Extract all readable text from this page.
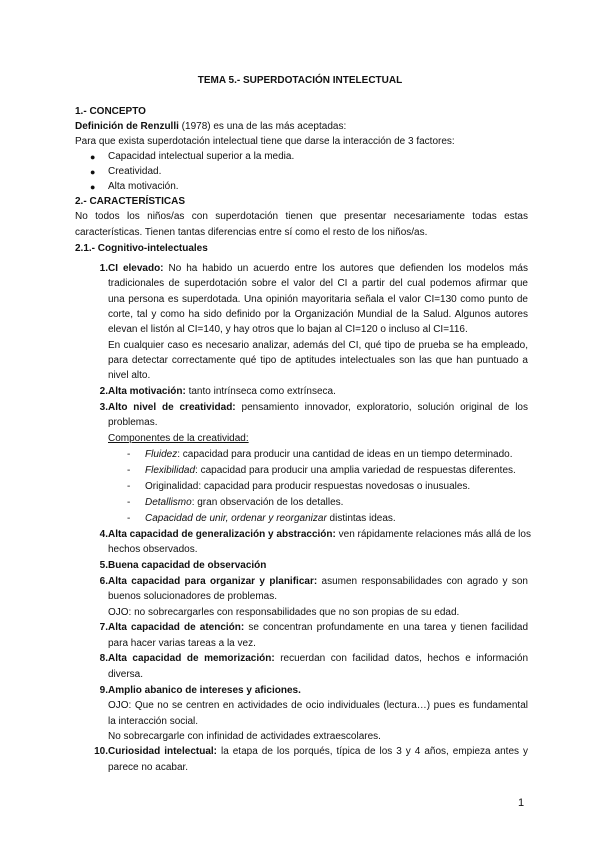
TEMA 5.- SUPERDOTACIÓN INTELECTUAL
1.- CONCEPTO
Definición de Renzulli (1978) es una de las más aceptadas:
Para que exista superdotación intelectual tiene que darse la interacción de 3 factores:
● Capacidad intelectual superior a la media.
● Creatividad.
● Alta motivación.
2.- CARACTERÍSTICAS
No todos los niños/as con superdotación tienen que presentar necesariamente todas estas
características. Tienen tantas diferencias entre sí como el resto de los niños/as.
2.1.- Cognitivo-intelectuales
1. CI elevado: No ha habido un acuerdo entre los autores que defienden los modelos más
tradicionales de superdotación sobre el valor del CI a partir del cual podemos afirmar que
una persona es superdotada. Una opinión mayoritaria señala el valor CI=130 como punto de
corte, tal y como ha sido definido por la Organización Mundial de la Salud. Algunos autores
elevan el listón al CI=140, y hay otros que lo bajan al CI=120 o incluso al CI=116.
En cualquier caso es necesario analizar, además del CI, qué tipo de prueba se ha empleado,
para detectar correctamente qué tipo de aptitudes intelectuales son las que han puntuado a
nivel alto.
2. Alta motivación: tanto intrínseca como extrínseca.
3. Alto nivel de creatividad: pensamiento innovador, exploratorio, solución original de los
problemas.
Componentes de la creatividad:
- Fluidez: capacidad para producir una cantidad de ideas en un tiempo determinado.
- Flexibilidad: capacidad para producir una amplia variedad de respuestas diferentes.
- Originalidad: capacidad para producir respuestas novedosas o inusuales.
- Detallismo: gran observación de los detalles.
- Capacidad de unir, ordenar y reorganizar distintas ideas.
4. Alta capacidad de generalización y abstracción: ven rápidamente relaciones más allá de los
hechos observados.
5. Buena capacidad de observación
6. Alta capacidad para organizar y planificar: asumen responsabilidades con agrado y son
buenos solucionadores de problemas.
OJO: no sobrecargarles con responsabilidades que no son propias de su edad.
7. Alta capacidad de atención: se concentran profundamente en una tarea y tienen facilidad
para hacer varias tareas a la vez.
8. Alta capacidad de memorización: recuerdan con facilidad datos, hechos e información
diversa.
9. Amplio abanico de intereses y aficiones.
OJO: Que no se centren en actividades de ocio individuales (lectura…) pues es fundamental
la interacción social.
No sobrecargarle con infinidad de actividades extraescolares.
10. Curiosidad intelectual: la etapa de los porqués, típica de los 3 y 4 años, empieza antes y
parece no acabar.
1
